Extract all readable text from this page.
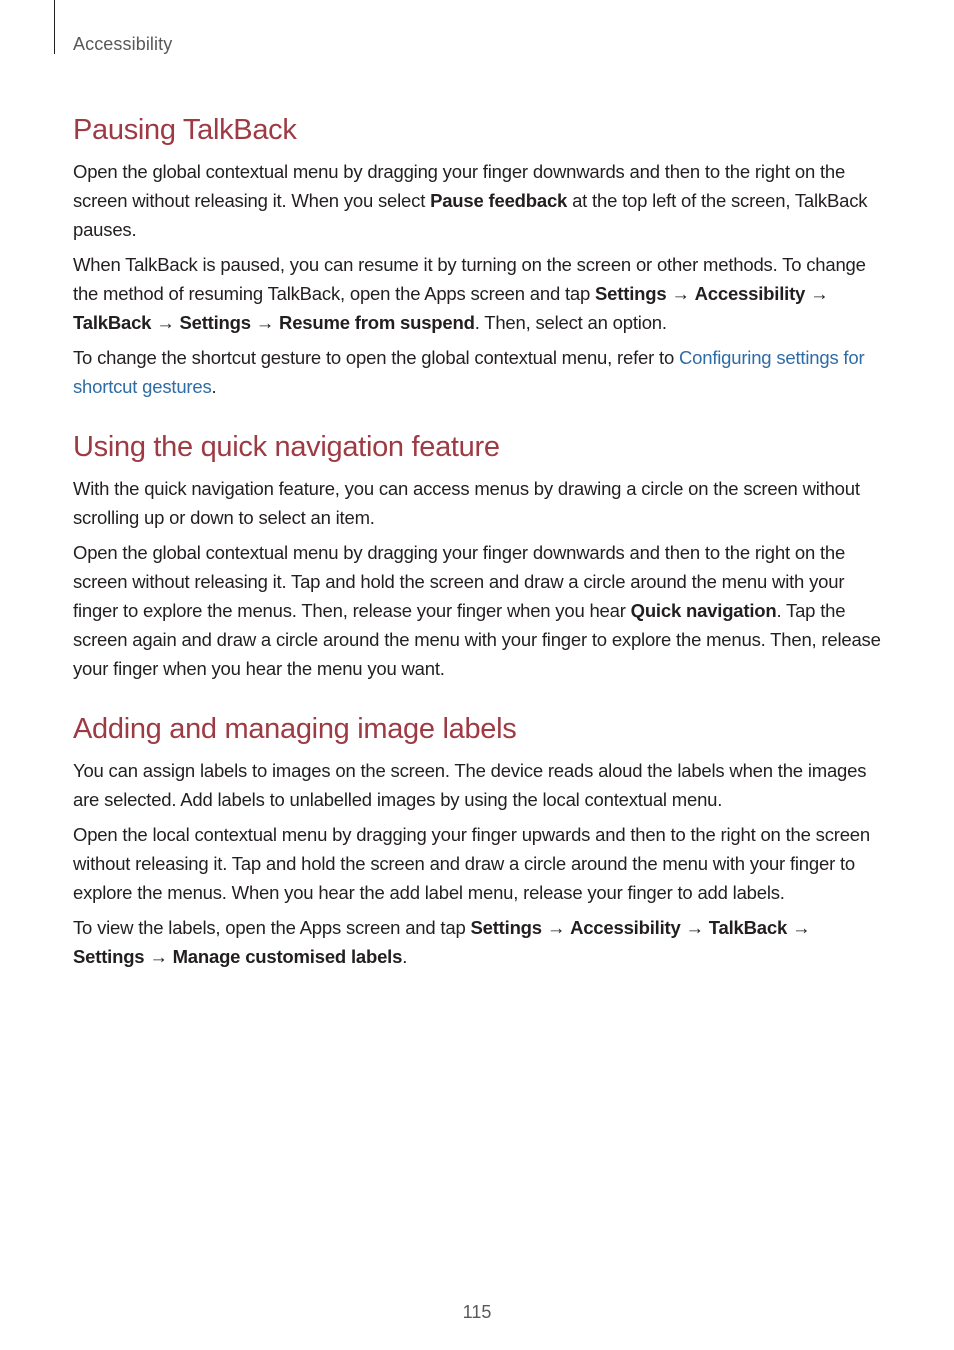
Accessibility
Pausing TalkBack

Open the global contextual menu by dragging your finger downwards and then to the right on the screen without releasing it. When you select Pause feedback at the top left of the screen, TalkBack pauses.

When TalkBack is paused, you can resume it by turning on the screen or other methods. To change the method of resuming TalkBack, open the Apps screen and tap Settings → Accessibility → TalkBack → Settings → Resume from suspend. Then, select an option.

To change the shortcut gesture to open the global contextual menu, refer to Configuring settings for shortcut gestures.

Using the quick navigation feature

With the quick navigation feature, you can access menus by drawing a circle on the screen without scrolling up or down to select an item.

Open the global contextual menu by dragging your finger downwards and then to the right on the screen without releasing it. Tap and hold the screen and draw a circle around the menu with your finger to explore the menus. Then, release your finger when you hear Quick navigation. Tap the screen again and draw a circle around the menu with your finger to explore the menus. Then, release your finger when you hear the menu you want.

Adding and managing image labels

You can assign labels to images on the screen. The device reads aloud the labels when the images are selected. Add labels to unlabelled images by using the local contextual menu.

Open the local contextual menu by dragging your finger upwards and then to the right on the screen without releasing it. Tap and hold the screen and draw a circle around the menu with your finger to explore the menus. When you hear the add label menu, release your finger to add labels.

To view the labels, open the Apps screen and tap Settings → Accessibility → TalkBack → Settings → Manage customised labels.

115
